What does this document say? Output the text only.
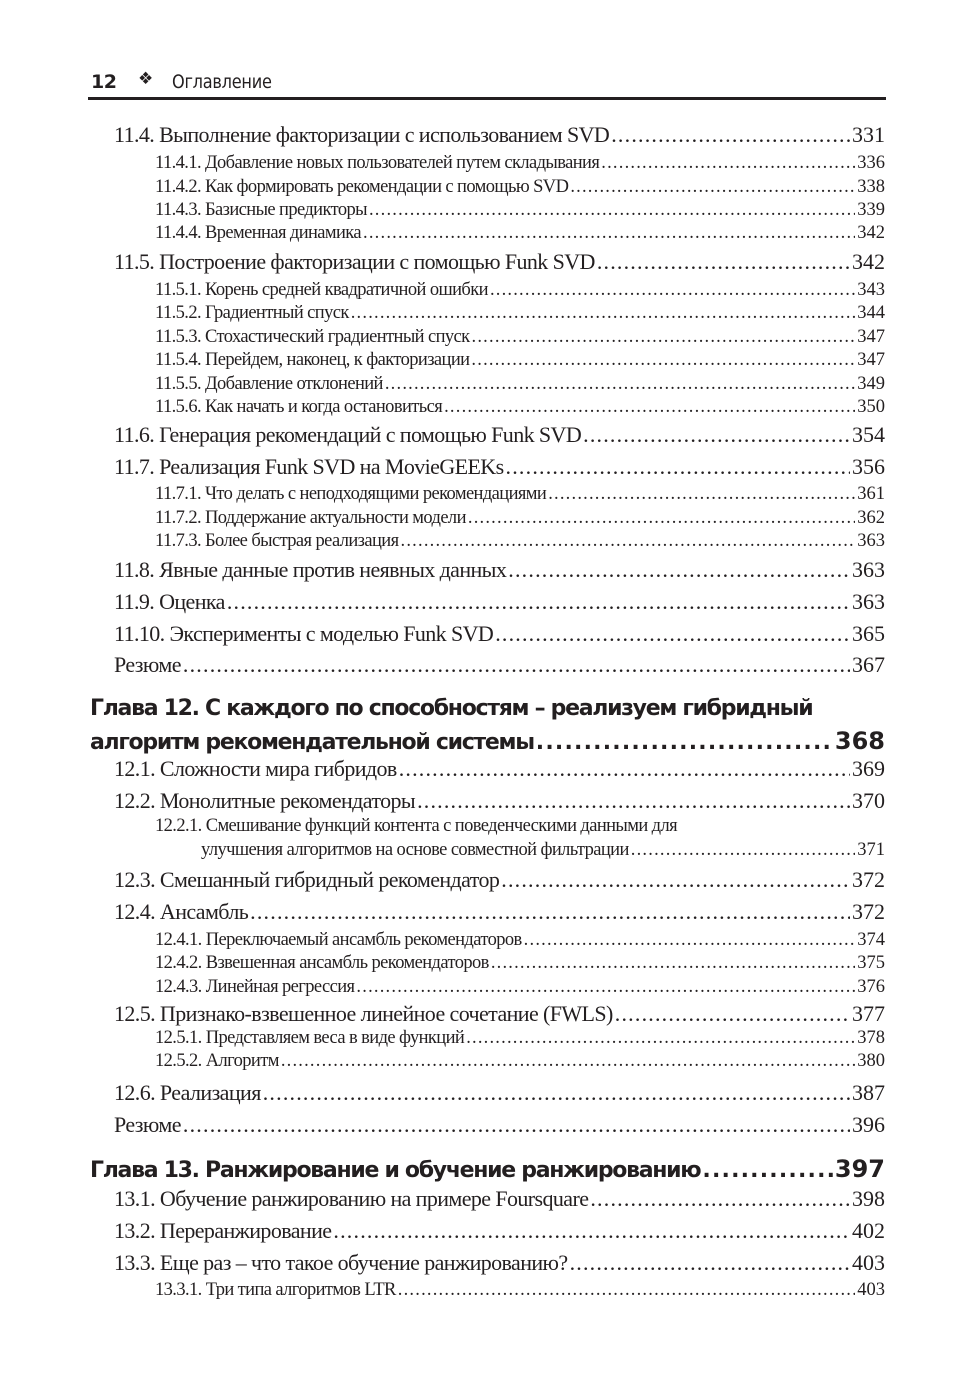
12 ❖ Оглавление
11.4. Выполнение факторизации с использованием SVD .....	331
11.4.1. Добавление новых пользователей путем складывания .....	336
11.4.2. Как формировать рекомендации с помощью SVD .....	338
11.4.3. Базисные предикторы .....	339
11.4.4. Временная динамика .....	342
11.5. Построение факторизации с помощью Funk SVD .....	342
11.5.1. Корень средней квадратичной ошибки .....	343
11.5.2. Градиентный спуск .....	344
11.5.3. Стохастический градиентный спуск .....	347
11.5.4. Перейдем, наконец, к факторизации .....	347
11.5.5. Добавление отклонений .....	349
11.5.6. Как начать и когда остановиться .....	350
11.6. Генерация рекомендаций с помощью Funk SVD .....	354
11.7. Реализация Funk SVD на MovieGEEKs .....	356
11.7.1. Что делать с неподходящими рекомендациями .....	361
11.7.2. Поддержание актуальности модели .....	362
11.7.3. Более быстрая реализация .....	363
11.8. Явные данные против неявных данных .....	363
11.9. Оценка .....	363
11.10. Эксперименты с моделью Funk SVD .....	365
Резюме .....	367
Глава 12. С каждого по способностям – реализуем гибридный
алгоритм рекомендательной системы .....	368
12.1. Сложности мира гибридов .....	369
12.2. Монолитные рекомендаторы .....	370
12.2.1. Смешивание функций контента с поведенческими данными для
улучшения алгоритмов на основе совместной фильтрации .....	371
12.3. Смешанный гибридный рекомендатор .....	372
12.4. Ансамбль .....	372
12.4.1. Переключаемый ансамбль рекомендаторов .....	374
12.4.2. Взвешенная ансамбль рекомендаторов .....	375
12.4.3. Линейная регрессия .....	376
12.5. Признако-взвешенное линейное сочетание (FWLS) .....	377
12.5.1. Представляем веса в виде функций .....	378
12.5.2. Алгоритм .....	380
12.6. Реализация .....	387
Резюме .....	396
Глава 13. Ранжирование и обучение ранжированию .....	397
13.1. Обучение ранжированию на примере Foursquare .....	398
13.2. Переранжирование .....	402
13.3. Еще раз – что такое обучение ранжированию? .....	403
13.3.1. Три типа алгоритмов LTR .....	403
